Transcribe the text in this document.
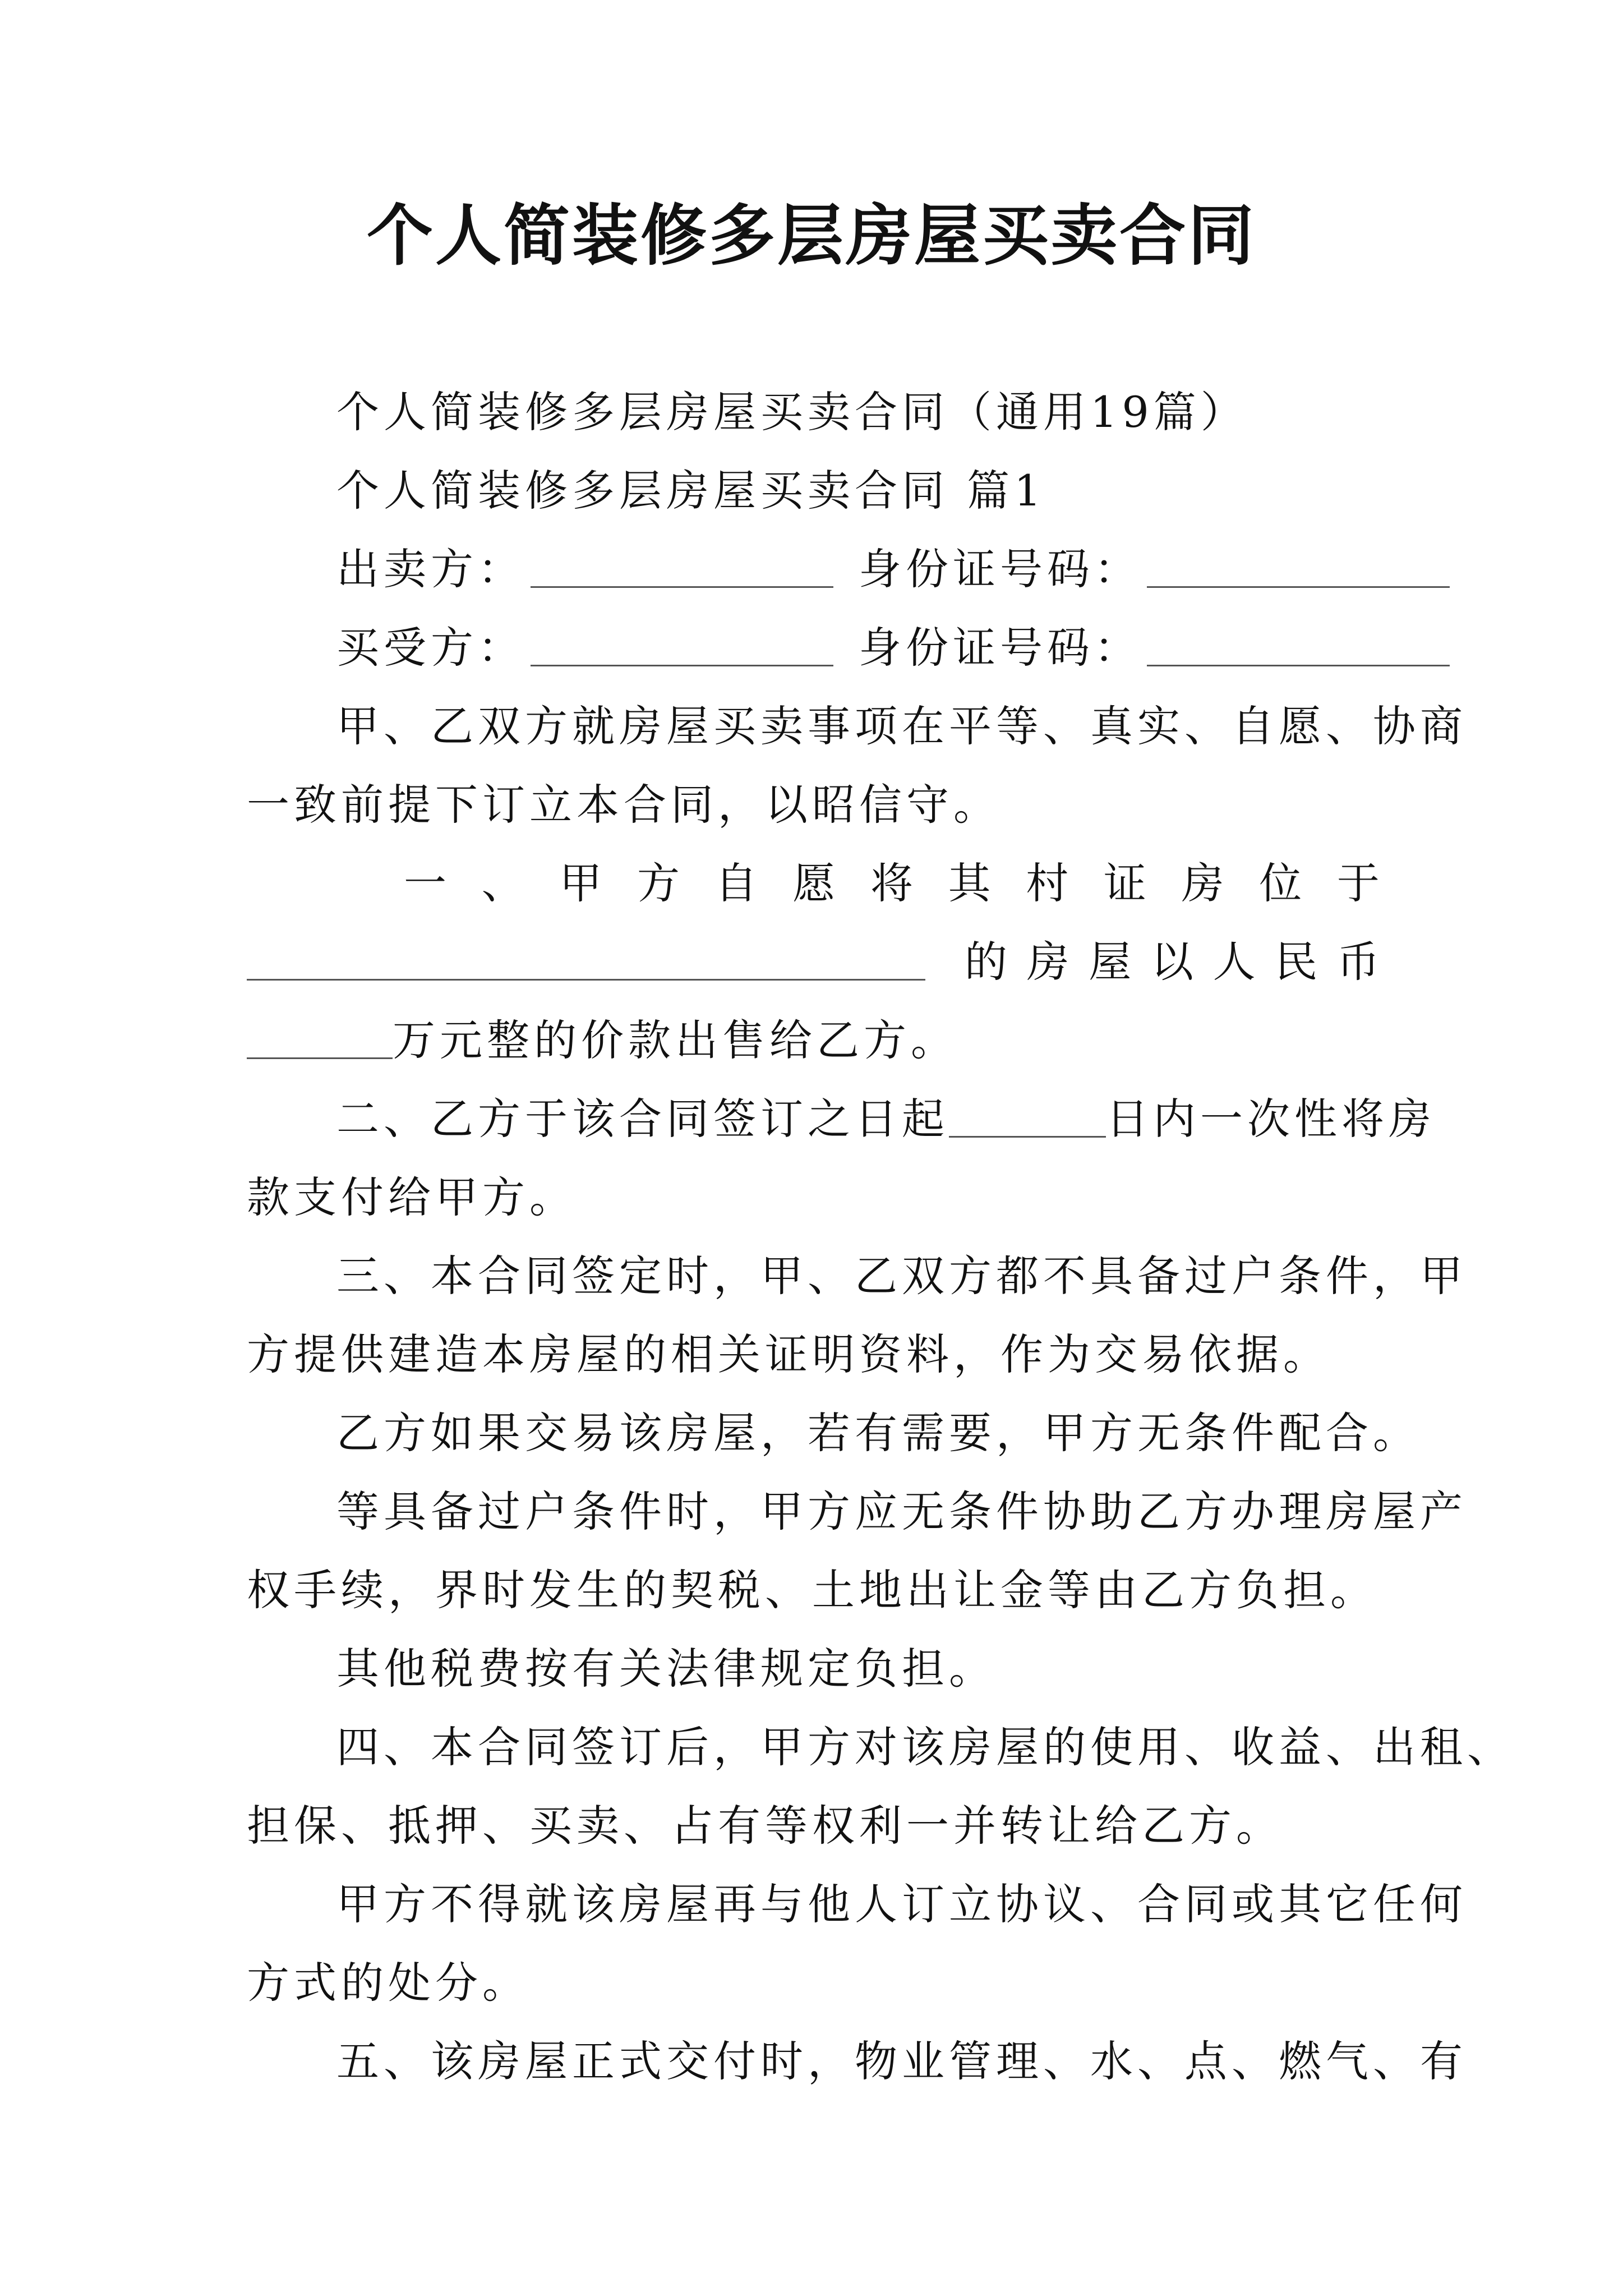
个人简装修多层房屋买卖合同
个人简装修多层房屋买卖合同（通用19篇）
个人简装修多层房屋买卖合同 篇1
出卖方：	身份证号码：
买受方：	身份证号码：
甲、乙双方就房屋买卖事项在平等、真实、自愿、协商
一致前提下订立本合同，以昭信守。
一 、 甲 方 自 愿 将 其 村 证 房 位 于
的 房 屋 以 人 民 币
万元整的价款出售给乙方。
二、乙方于该合同签订之日起	日内一次性将房
款支付给甲方。
三、本合同签定时，甲、乙双方都不具备过户条件，甲
方提供建造本房屋的相关证明资料，作为交易依据。
乙方如果交易该房屋，若有需要，甲方无条件配合。
等具备过户条件时，甲方应无条件协助乙方办理房屋产
权手续，界时发生的契税、土地出让金等由乙方负担。
其他税费按有关法律规定负担。
四、本合同签订后，甲方对该房屋的使用、收益、出租、
担保、抵押、买卖、占有等权利一并转让给乙方。
甲方不得就该房屋再与他人订立协议、合同或其它任何
方式的处分。
五、该房屋正式交付时，物业管理、水、点、燃气、有
